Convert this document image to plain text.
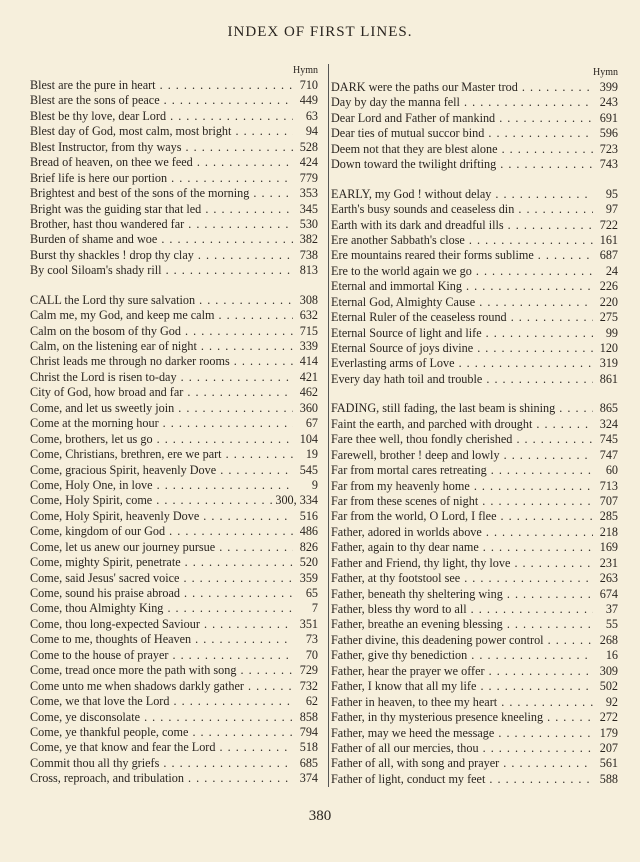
INDEX OF FIRST LINES.
Hymn
Blest are the pure in heart . . .	710
Blest are the sons of peace . . .	449
Blest be thy love, dear Lord . . .	63
Blest day of God, most calm, most bright . . .	94
Blest Instructor, from thy ways . . .	528
Bread of heaven, on thee we feed . . .	424
Brief life is here our portion . . .	779
Brightest and best of the sons of the morning . . .	353
Bright was the guiding star that led . . .	345
Brother, hast thou wandered far . . .	530
Burden of shame and woe . . .	382
Burst thy shackles ! drop thy clay . . .	738
By cool Siloam's shady rill . . .	813
CALL the Lord thy sure salvation . . .	308
Calm me, my God, and keep me calm . . .	632
Calm on the bosom of thy God . . .	715
Calm, on the listening ear of night . . .	339
Christ leads me through no darker rooms . . .	414
Christ the Lord is risen to-day . . .	421
City of God, how broad and far . . .	462
Come, and let us sweetly join . . .	360
Come at the morning hour . . .	67
Come, brothers, let us go . . .	104
Come, Christians, brethren, ere we part . . .	19
Come, gracious Spirit, heavenly Dove . . .	545
Come, Holy One, in love . . .	9
Come, Holy Spirit, come . . .	300, 334
Come, Holy Spirit, heavenly Dove . . .	516
Come, kingdom of our God . . .	486
Come, let us anew our journey pursue . . .	826
Come, mighty Spirit, penetrate . . .	520
Come, said Jesus' sacred voice . . .	359
Come, sound his praise abroad . . .	65
Come, thou Almighty King . . .	7
Come, thou long-expected Saviour . . .	351
Come to me, thoughts of Heaven . . .	73
Come to the house of prayer . . .	70
Come, tread once more the path with song . . .	729
Come unto me when shadows darkly gather . . .	732
Come, we that love the Lord . . .	62
Come, ye disconsolate . . .	858
Come, ye thankful people, come . . .	794
Come, ye that know and fear the Lord . . .	518
Commit thou all thy griefs . . .	685
Cross, reproach, and tribulation . . .	374
Hymn
DARK were the paths our Master trod . . .	399
Day by day the manna fell . . .	243
Dear Lord and Father of mankind . . .	691
Dear ties of mutual succor bind . . .	596
Deem not that they are blest alone . . .	723
Down toward the twilight drifting . . .	743
EARLY, my God ! without delay . . .	95
Earth's busy sounds and ceaseless din . . .	97
Earth with its dark and dreadful ills . . .	722
Ere another Sabbath's close . . .	161
Ere mountains reared their forms sublime . . .	687
Ere to the world again we go . . .	24
Eternal and immortal King . . .	226
Eternal God, Almighty Cause . . .	220
Eternal Ruler of the ceaseless round . . .	275
Eternal Source of light and life . . .	99
Eternal Source of joys divine . . .	120
Everlasting arms of Love . . .	319
Every day hath toil and trouble . . .	861
FADING, still fading, the last beam is shining . . .	865
Faint the earth, and parched with drought . . .	324
Fare thee well, thou fondly cherished . . .	745
Farewell, brother ! deep and lowly . . .	747
Far from mortal cares retreating . . .	60
Far from my heavenly home . . .	713
Far from these scenes of night . . .	707
Far from the world, O Lord, I flee . . .	285
Father, adored in worlds above . . .	218
Father, again to thy dear name . . .	169
Father and Friend, thy light, thy love . . .	231
Father, at thy footstool see . . .	263
Father, beneath thy sheltering wing . . .	674
Father, bless thy word to all . . .	37
Father, breathe an evening blessing . . .	55
Father divine, this deadening power control . . .	268
Father, give thy benediction . . .	16
Father, hear the prayer we offer . . .	309
Father, I know that all my life . . .	502
Father in heaven, to thee my heart . . .	92
Father, in thy mysterious presence kneeling . . .	272
Father, may we heed the message . . .	179
Father of all our mercies, thou . . .	207
Father of all, with song and prayer . . .	561
Father of light, conduct my feet . . .	588
380
